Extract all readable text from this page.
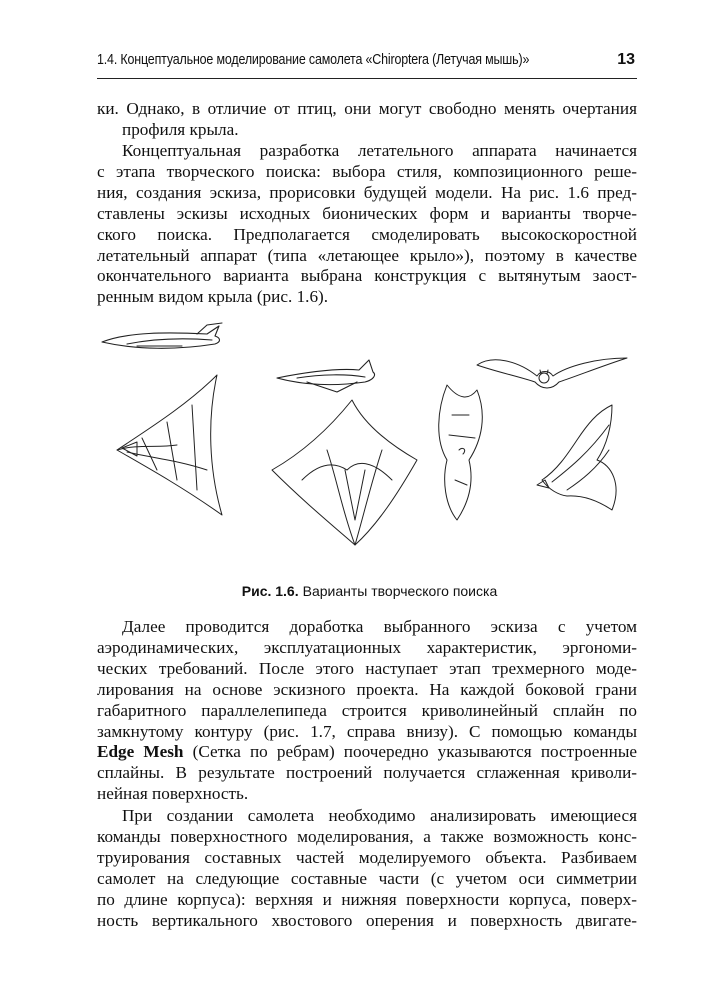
1.4. Концептуальное моделирование самолета «Chiroptera (Летучая мышь)»	13
ки. Однако, в отличие от птиц, они могут свободно менять очертания
профиля крыла.
Концептуальная разработка летательного аппарата начинается
с этапа творческого поиска: выбора стиля, композиционного реше-
ния, создания эскиза, прорисовки будущей модели. На рис. 1.6 пред-
ставлены эскизы исходных бионических форм и варианты творче-
ского поиска. Предполагается смоделировать высокоскоростной
летательный аппарат (типа «летающее крыло»), поэтому в качестве
окончательного варианта выбрана конструкция с вытянутым заост-
ренным видом крыла (рис. 1.6).
Рис. 1.6. Варианты творческого поиска
Далее проводится доработка выбранного эскиза с учетом
аэродинамических, эксплуатационных характеристик, эргономи-
ческих требований. После этого наступает этап трехмерного моде-
лирования на основе эскизного проекта. На каждой боковой грани
габаритного параллелепипеда строится криволинейный сплайн по
замкнутому контуру (рис. 1.7, справа внизу). С помощью команды
Edge Mesh (Сетка по ребрам) поочередно указываются построенные
сплайны. В результате построений получается сглаженная криволи-
нейная поверхность.
При создании самолета необходимо анализировать имеющиеся
команды поверхностного моделирования, а также возможность конс-
труирования составных частей моделируемого объекта. Разбиваем
самолет на следующие составные части (с учетом оси симметрии
по длине корпуса): верхняя и нижняя поверхности корпуса, поверх-
ность вертикального хвостового оперения и поверхность двигате-
